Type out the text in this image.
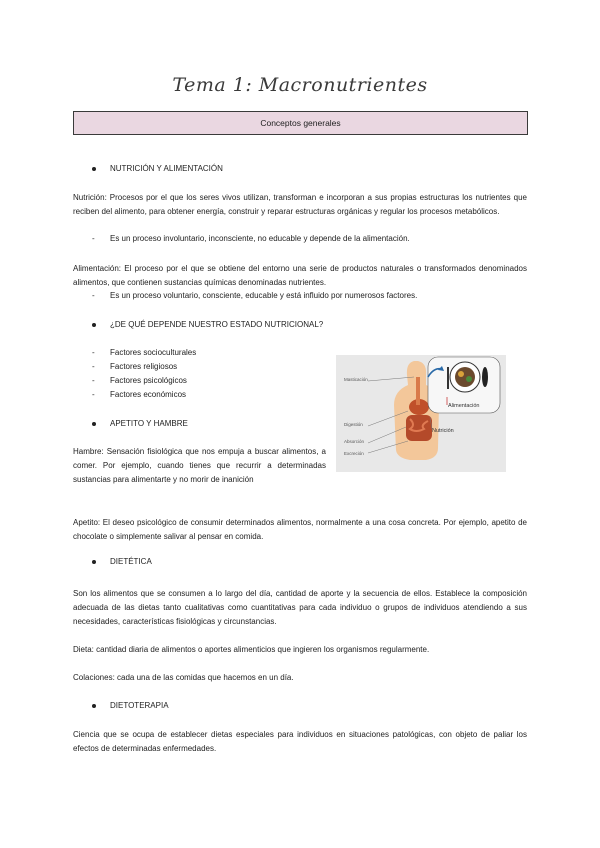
Tema 1: Macronutrientes
Conceptos generales
NUTRICIÓN Y ALIMENTACIÓN
Nutrición: Procesos por el que los seres vivos utilizan, transforman e incorporan a sus propias estructuras los nutrientes que reciben del alimento, para obtener energía, construir y reparar estructuras orgánicas y regular los procesos metabólicos.
-	Es un proceso involuntario, inconsciente, no educable y depende de la alimentación.
Alimentación: El proceso por el que se obtiene del entorno una serie de productos naturales o transformados denominados alimentos, que contienen sustancias químicas denominadas nutrientes.
-	Es un proceso voluntario, consciente, educable y está influido por numerosos factores.
¿DE QUÉ DEPENDE NUESTRO ESTADO NUTRICIONAL?
-	Factores socioculturales
-	Factores religiosos
-	Factores psicológicos
-	Factores económicos
APETITO Y HAMBRE
Hambre: Sensación fisiológica que nos empuja a buscar alimentos, a comer. Por ejemplo, cuando tienes que recurrir a determinadas sustancias para alimentarte y no morir de inanición
Masticación
Digestión
Absorción
Excreción
Nutrición
Alimentación
Apetito: El deseo psicológico de consumir determinados alimentos, normalmente a una cosa concreta. Por ejemplo, apetito de chocolate o simplemente salivar al pensar en comida.
DIETÉTICA
Son los alimentos que se consumen a lo largo del día, cantidad de aporte y la secuencia de ellos. Establece la composición adecuada de las dietas tanto cualitativas como cuantitativas para cada individuo o grupos de individuos atendiendo a sus necesidades, características fisiológicas y circunstancias.
Dieta: cantidad diaria de alimentos o aportes alimenticios que ingieren los organismos regularmente.
Colaciones: cada una de las comidas que hacemos en un día.
DIETOTERAPIA
Ciencia que se ocupa de establecer dietas especiales para individuos en situaciones patológicas, con objeto de paliar los efectos de determinadas enfermedades.
